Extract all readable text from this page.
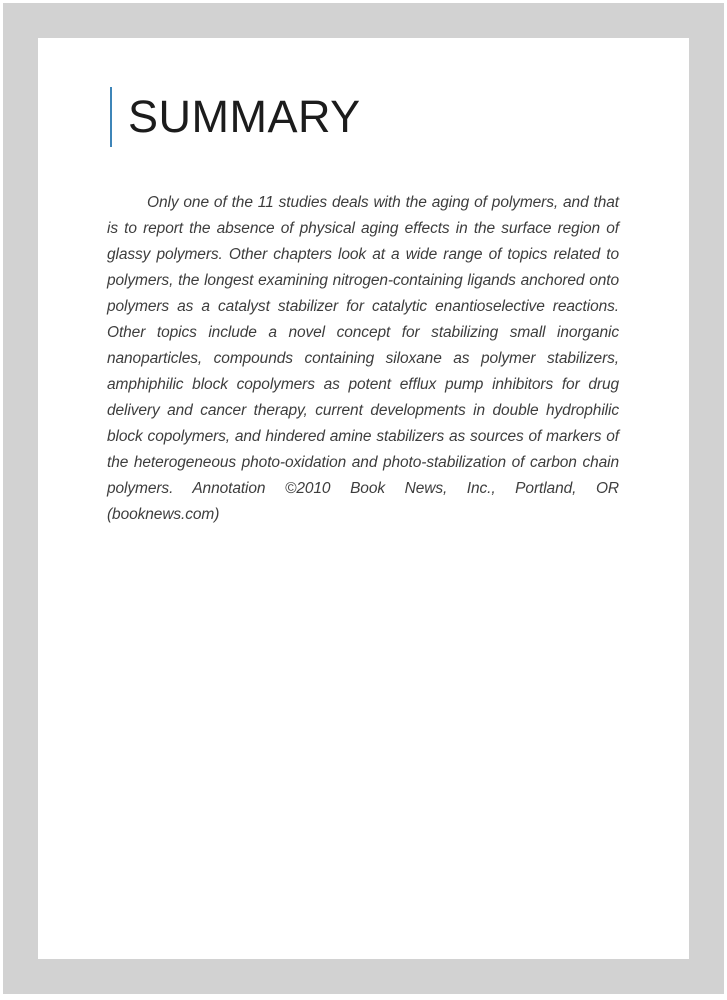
SUMMARY

Only one of the 11 studies deals with the aging of polymers, and that is to report the absence of physical aging effects in the surface region of glassy polymers. Other chapters look at a wide range of topics related to polymers, the longest examining nitrogen-containing ligands anchored onto polymers as a catalyst stabilizer for catalytic enantioselective reactions. Other topics include a novel concept for stabilizing small inorganic nanoparticles, compounds containing siloxane as polymer stabilizers, amphiphilic block copolymers as potent efflux pump inhibitors for drug delivery and cancer therapy, current developments in double hydrophilic block copolymers, and hindered amine stabilizers as sources of markers of the heterogeneous photo-oxidation and photo-stabilization of carbon chain polymers. Annotation ©2010 Book News, Inc., Portland, OR (booknews.com)
